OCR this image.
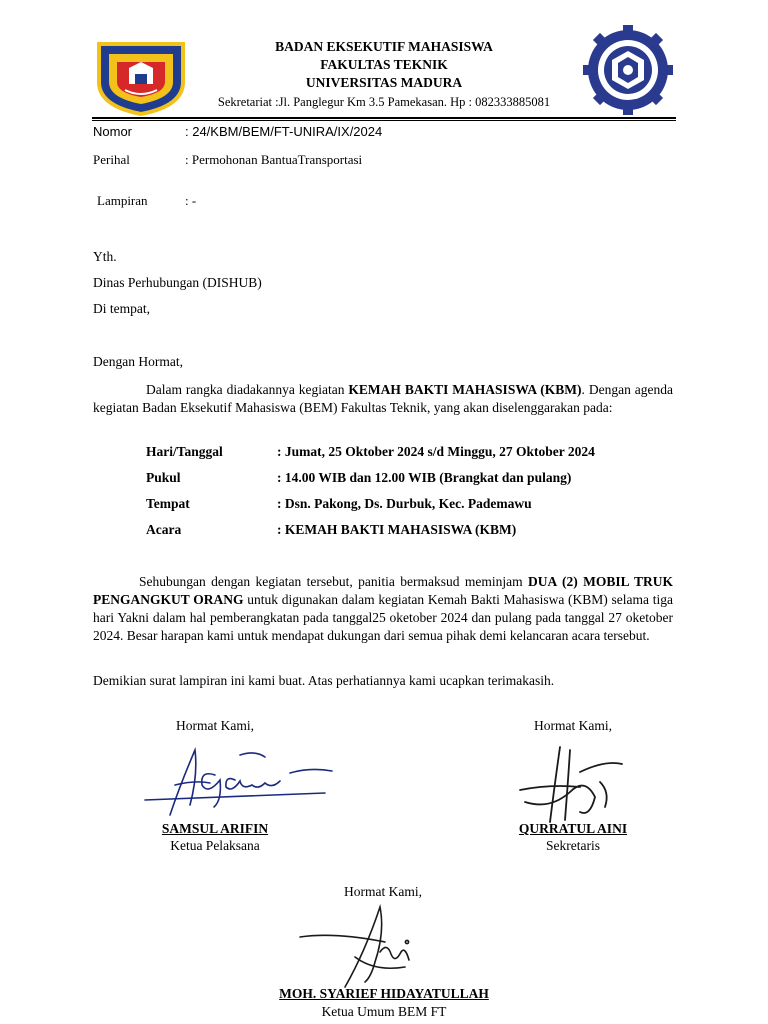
BADAN EKSEKUTIF MAHASISWA
FAKULTAS TEKNIK
UNIVERSITAS MADURA
Sekretariat :Jl. Panglegur Km 3.5 Pamekasan. Hp : 082333885081
Nomor	: 24/KBM/BEM/FT-UNIRA/IX/2024
Perihal	: Permohonan BantuaTransportasi
Lampiran	: -
Yth.
Dinas Perhubungan (DISHUB)
Di tempat,
Dengan Hormat,
Dalam rangka diadakannya kegiatan KEMAH BAKTI MAHASISWA (KBM). Dengan agenda kegiatan Badan Eksekutif Mahasiswa (BEM) Fakultas Teknik, yang akan diselenggarakan pada:
Hari/Tanggal	: Jumat, 25 Oktober 2024 s/d Minggu, 27 Oktober 2024
Pukul	: 14.00 WIB dan 12.00 WIB (Brangkat dan pulang)
Tempat	: Dsn. Pakong, Ds. Durbuk, Kec. Pademawu
Acara	: KEMAH BAKTI MAHASISWA (KBM)
Sehubungan dengan kegiatan tersebut, panitia bermaksud meminjam DUA (2) MOBIL TRUK PENGANGKUT ORANG untuk digunakan dalam kegiatan Kemah Bakti Mahasiswa (KBM) selama tiga hari Yakni dalam hal pemberangkatan pada tanggal25 oketober 2024 dan pulang pada tanggal 27 oketober 2024. Besar harapan kami untuk mendapat dukungan dari semua pihak demi kelancaran acara tersebut.
Demikian surat lampiran ini kami buat. Atas perhatiannya kami ucapkan terimakasih.
Hormat Kami,
SAMSUL ARIFIN
Ketua Pelaksana
Hormat Kami,
QURRATUL AINI
Sekretaris
Hormat Kami,
MOH. SYARIEF HIDAYATULLAH
Ketua Umum BEM FT
